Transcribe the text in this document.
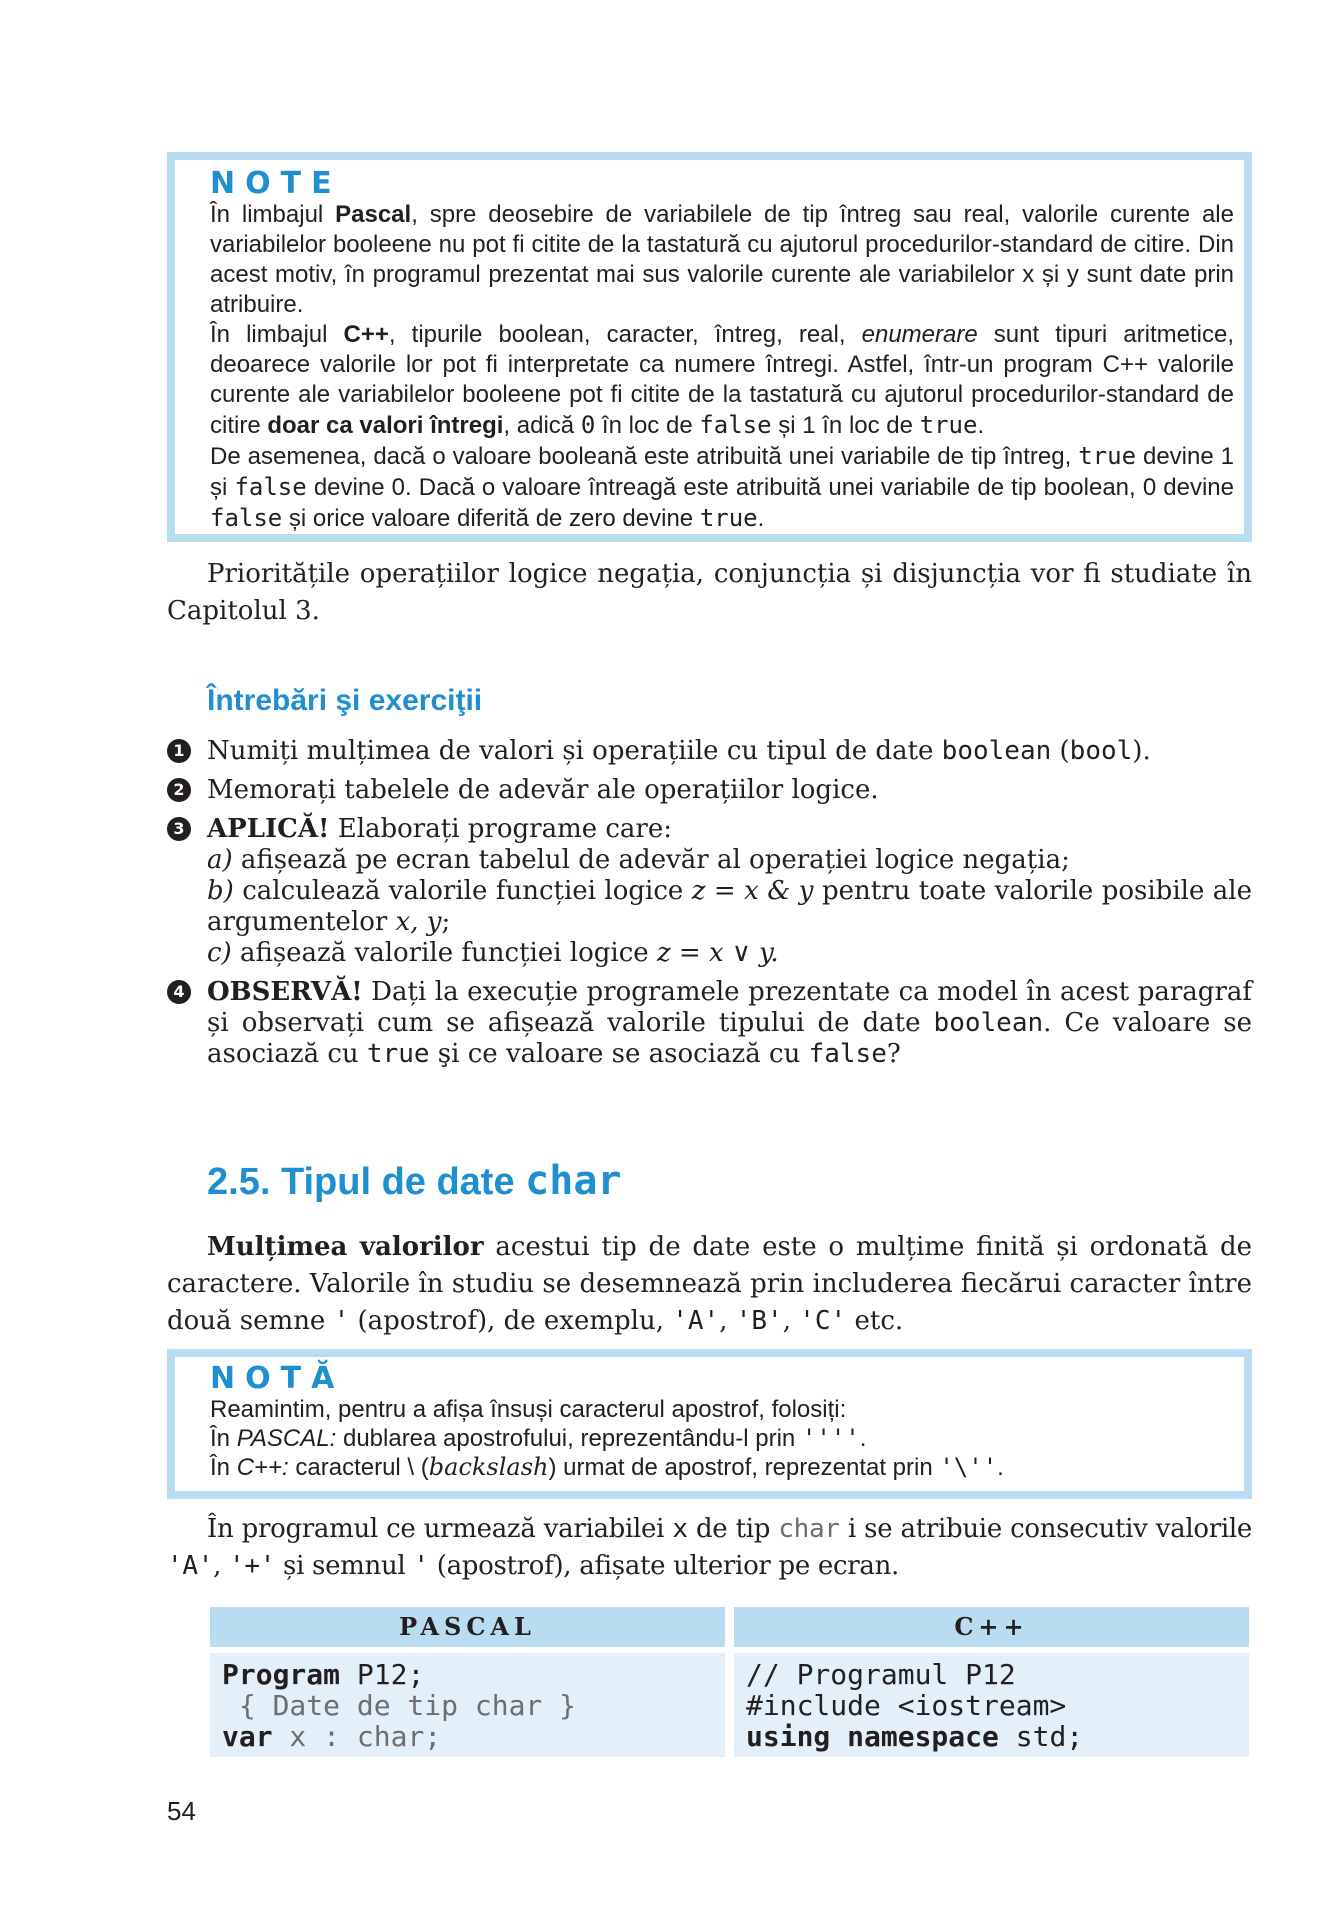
NOTE
În limbajul Pascal, spre deosebire de variabilele de tip întreg sau real, valorile curente ale variabilelor booleene nu pot fi citite de la tastatură cu ajutorul procedurilor-standard de citire. Din acest motiv, în programul prezentat mai sus valorile curente ale variabilelor x și y sunt date prin atribuire.
În limbajul C++, tipurile boolean, caracter, întreg, real, enumerare sunt tipuri aritmetice, deoarece valorile lor pot fi interpretate ca numere întregi. Astfel, într-un program C++ valorile curente ale variabilelor booleene pot fi citite de la tastatură cu ajutorul procedurilor-standard de citire doar ca valori întregi, adică 0 în loc de false și 1 în loc de true.
De asemenea, dacă o valoare booleană este atribuită unei variabile de tip întreg, true devine 1 și false devine 0. Dacă o valoare întreagă este atribuită unei variabile de tip boolean, 0 devine false și orice valoare diferită de zero devine true.
Prioritățile operațiilor logice negația, conjuncția și disjuncția vor fi studiate în Capitolul 3.
Întrebări şi exerciţii
1 Numiți mulțimea de valori și operațiile cu tipul de date boolean (bool).
2 Memorați tabelele de adevăr ale operațiilor logice.
3 APLICĂ! Elaborați programe care:
a) afișează pe ecran tabelul de adevăr al operației logice negația;
b) calculează valorile funcției logice z = x & y pentru toate valorile posibile ale argumentelor x, y;
c) afișează valorile funcției logice z = x ∨ y.
4 OBSERVĂ! Dați la execuție programele prezentate ca model în acest paragraf și observați cum se afișează valorile tipului de date boolean. Ce valoare se asociază cu true şi ce valoare se asociază cu false?
2.5. Tipul de date char
Mulțimea valorilor acestui tip de date este o mulțime finită și ordonată de caractere. Valorile în studiu se desemnează prin includerea fiecărui caracter între două semne ' (apostrof), de exemplu, 'A', 'B', 'C' etc.
NOTĂ
Reamintim, pentru a afișa însuși caracterul apostrof, folosiți:
În PASCAL: dublarea apostrofului, reprezentându-l prin ''''.
În C++: caracterul \ (backslash) urmat de apostrof, reprezentat prin '\''.
În programul ce urmează variabilei x de tip char i se atribuie consecutiv valorile 'A', '+' și semnul ' (apostrof), afișate ulterior pe ecran.
PASCAL
Program P12;
{ Date de tip char }
var x : char;
C++
// Programul P12
#include <iostream>
using namespace std;
54
